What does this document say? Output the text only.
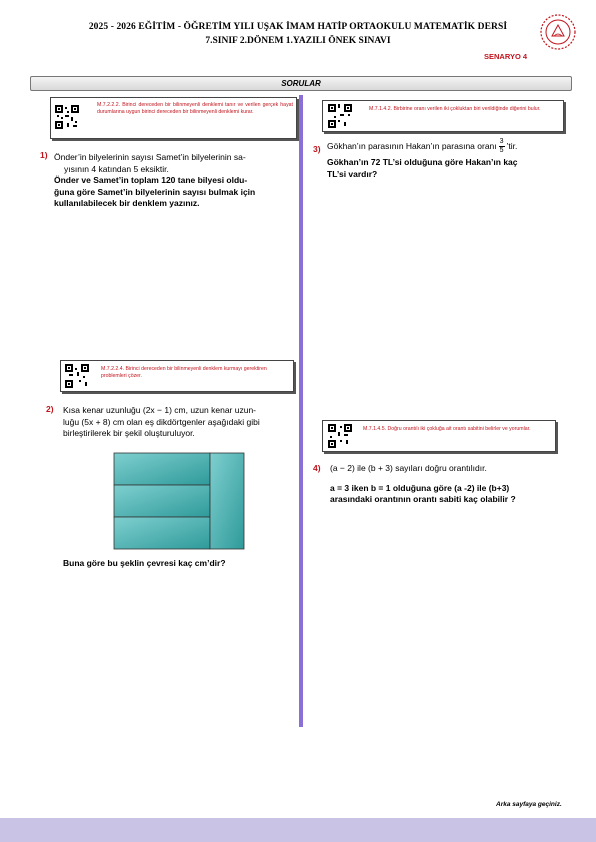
2025 - 2026 EĞİTİM - ÖĞRETİM YILI UŞAK İMAM HATİP ORTAOKULU MATEMATİK DERSİ
7.SINIF 2.DÖNEM 1.YAZILI ÖNEK SINAVI
SENARYO 4
SORULAR
M.7.2.2.2. Birinci dereceden bir bilinmeyenli denklemi tanır ve verilen gerçek hayat durumlarına uygun birinci dereceden bir bilinmeyenli denklemi kurar.
1) Önder’in bilyelerinin sayısı Samet’in bilyelerinin sa-
yısının 4 katından 5 eksiktir.
Önder ve Samet’in toplam 120 tane bilyesi oldu-
ğuna göre Samet’in bilyelerinin sayısı bulmak için
kullanılabilecek bir denklem yazınız.
M.7.2.2.4. Birinci dereceden bir bilinmeyenli denklem kurmayı gerektiren problemleri çözer.
2) Kısa kenar uzunluğu (2x − 1) cm, uzun kenar uzun-
luğu (5x + 8) cm olan eş dikdörtgenler aşağıdaki gibi
birleştirilerek bir şekil oluşturuluyor.
Buna göre bu şeklin çevresi kaç cm’dir?
M.7.1.4.2. Birbirine oranı verilen iki çokluktan biri verildiğinde diğerini bulur.
3) Gökhan’ın parasının Hakan’ın parasına oranı $\frac{3}{5}$ ’tir.
Gökhan’ın 72 TL’si olduğuna göre Hakan’ın kaç
TL’si vardır?
M.7.1.4.5. Doğru orantılı iki çokluğa ait orantı sabitini belirler ve yorumlar.
4) (a − 2) ile (b + 3) sayıları doğru orantılıdır.
a = 3 iken b = 1 olduğuna göre (a -2) ile (b+3)
arasındaki orantının orantı sabiti kaç olabilir ?
Arka sayfaya geçiniz.
